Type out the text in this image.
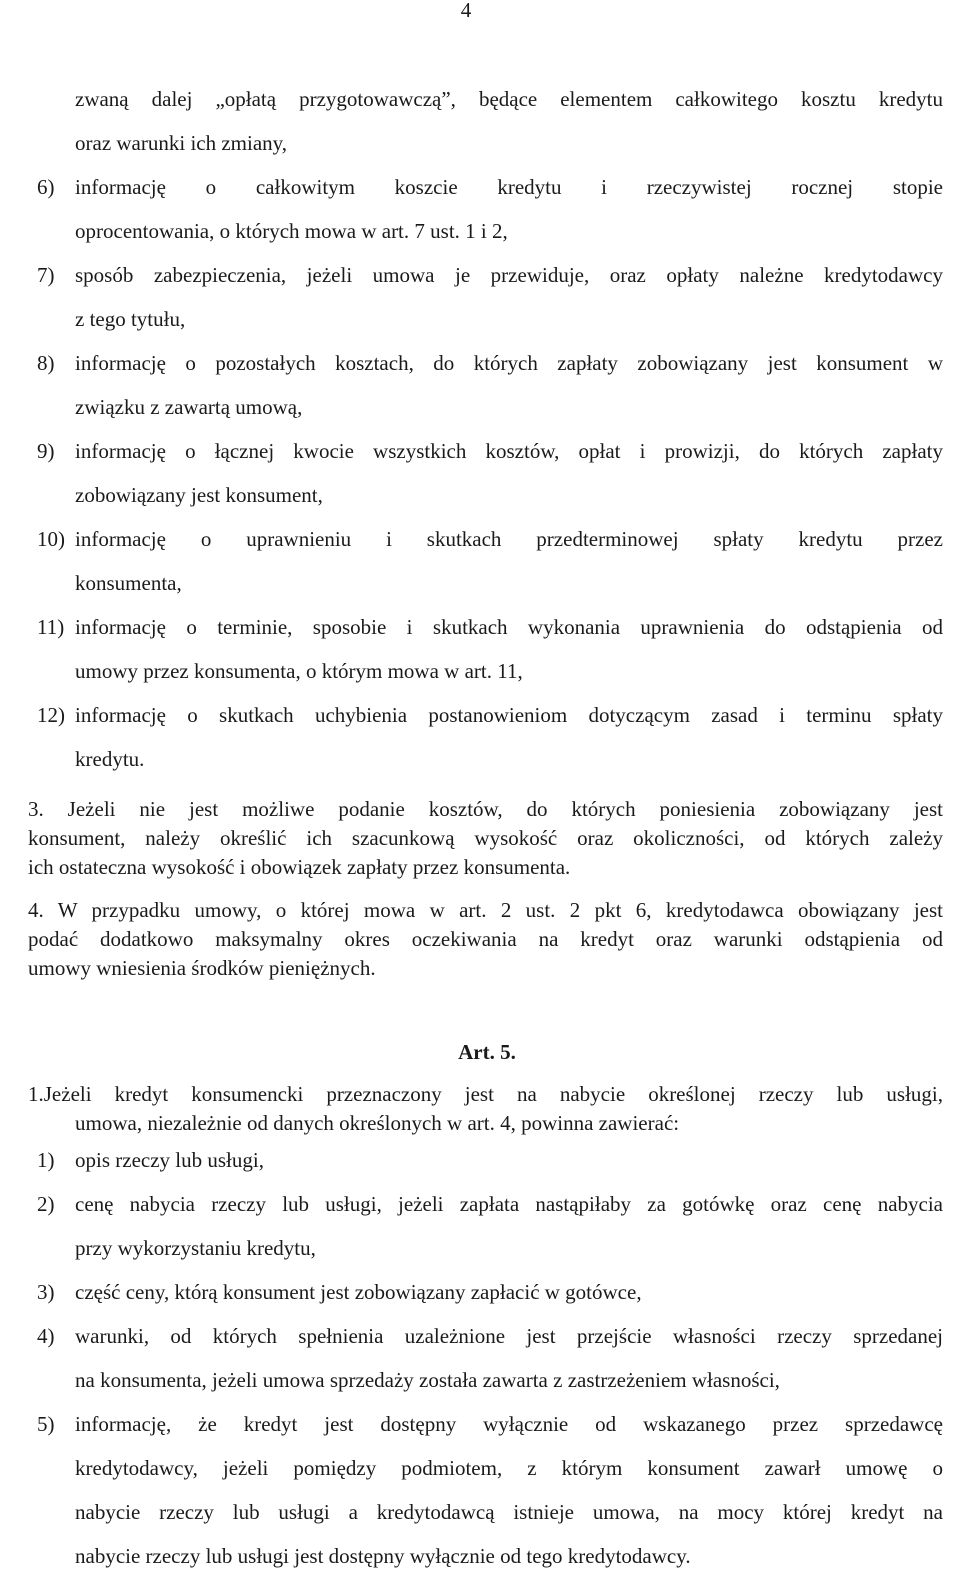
4
zwaną dalej „opłatą przygotowawczą”, będące elementem całkowitego kosztu kredytu
oraz warunki ich zmiany,
6) informację o całkowitym koszcie kredytu i rzeczywistej rocznej stopie
oprocentowania, o których mowa w art. 7 ust. 1 i 2,
7) sposób zabezpieczenia, jeżeli umowa je przewiduje, oraz opłaty należne kredytodawcy
z tego tytułu,
8) informację o pozostałych kosztach, do których zapłaty zobowiązany jest konsument w
związku z zawartą umową,
9) informację o łącznej kwocie wszystkich kosztów, opłat i prowizji, do których zapłaty
zobowiązany jest konsument,
10) informację o uprawnieniu i skutkach przedterminowej spłaty kredytu przez
konsumenta,
11) informację o terminie, sposobie i skutkach wykonania uprawnienia do odstąpienia od
umowy przez konsumenta, o którym mowa w art. 11,
12) informację o skutkach uchybienia postanowieniom dotyczącym zasad i terminu spłaty
kredytu.
3. Jeżeli nie jest możliwe podanie kosztów, do których poniesienia zobowiązany jest
konsument, należy określić ich szacunkową wysokość oraz okoliczności, od których zależy
ich ostateczna wysokość i obowiązek zapłaty przez konsumenta.
4. W przypadku umowy, o której mowa w art. 2 ust. 2 pkt 6, kredytodawca obowiązany jest
podać dodatkowo maksymalny okres oczekiwania na kredyt oraz warunki odstąpienia od
umowy wniesienia środków pieniężnych.
Art. 5.
1.Jeżeli kredyt konsumencki przeznaczony jest na nabycie określonej rzeczy lub usługi,
umowa, niezależnie od danych określonych w art. 4, powinna zawierać:
1) opis rzeczy lub usługi,
2) cenę nabycia rzeczy lub usługi, jeżeli zapłata nastąpiłaby za gotówkę oraz cenę nabycia
przy wykorzystaniu kredytu,
3) część ceny, którą konsument jest zobowiązany zapłacić w gotówce,
4) warunki, od których spełnienia uzależnione jest przejście własności rzeczy sprzedanej
na konsumenta, jeżeli umowa sprzedaży została zawarta z zastrzeżeniem własności,
5) informację, że kredyt jest dostępny wyłącznie od wskazanego przez sprzedawcę
kredytodawcy, jeżeli pomiędzy podmiotem, z którym konsument zawarł umowę o
nabycie rzeczy lub usługi a kredytodawcą istnieje umowa, na mocy której kredyt na
nabycie rzeczy lub usługi jest dostępny wyłącznie od tego kredytodawcy.
